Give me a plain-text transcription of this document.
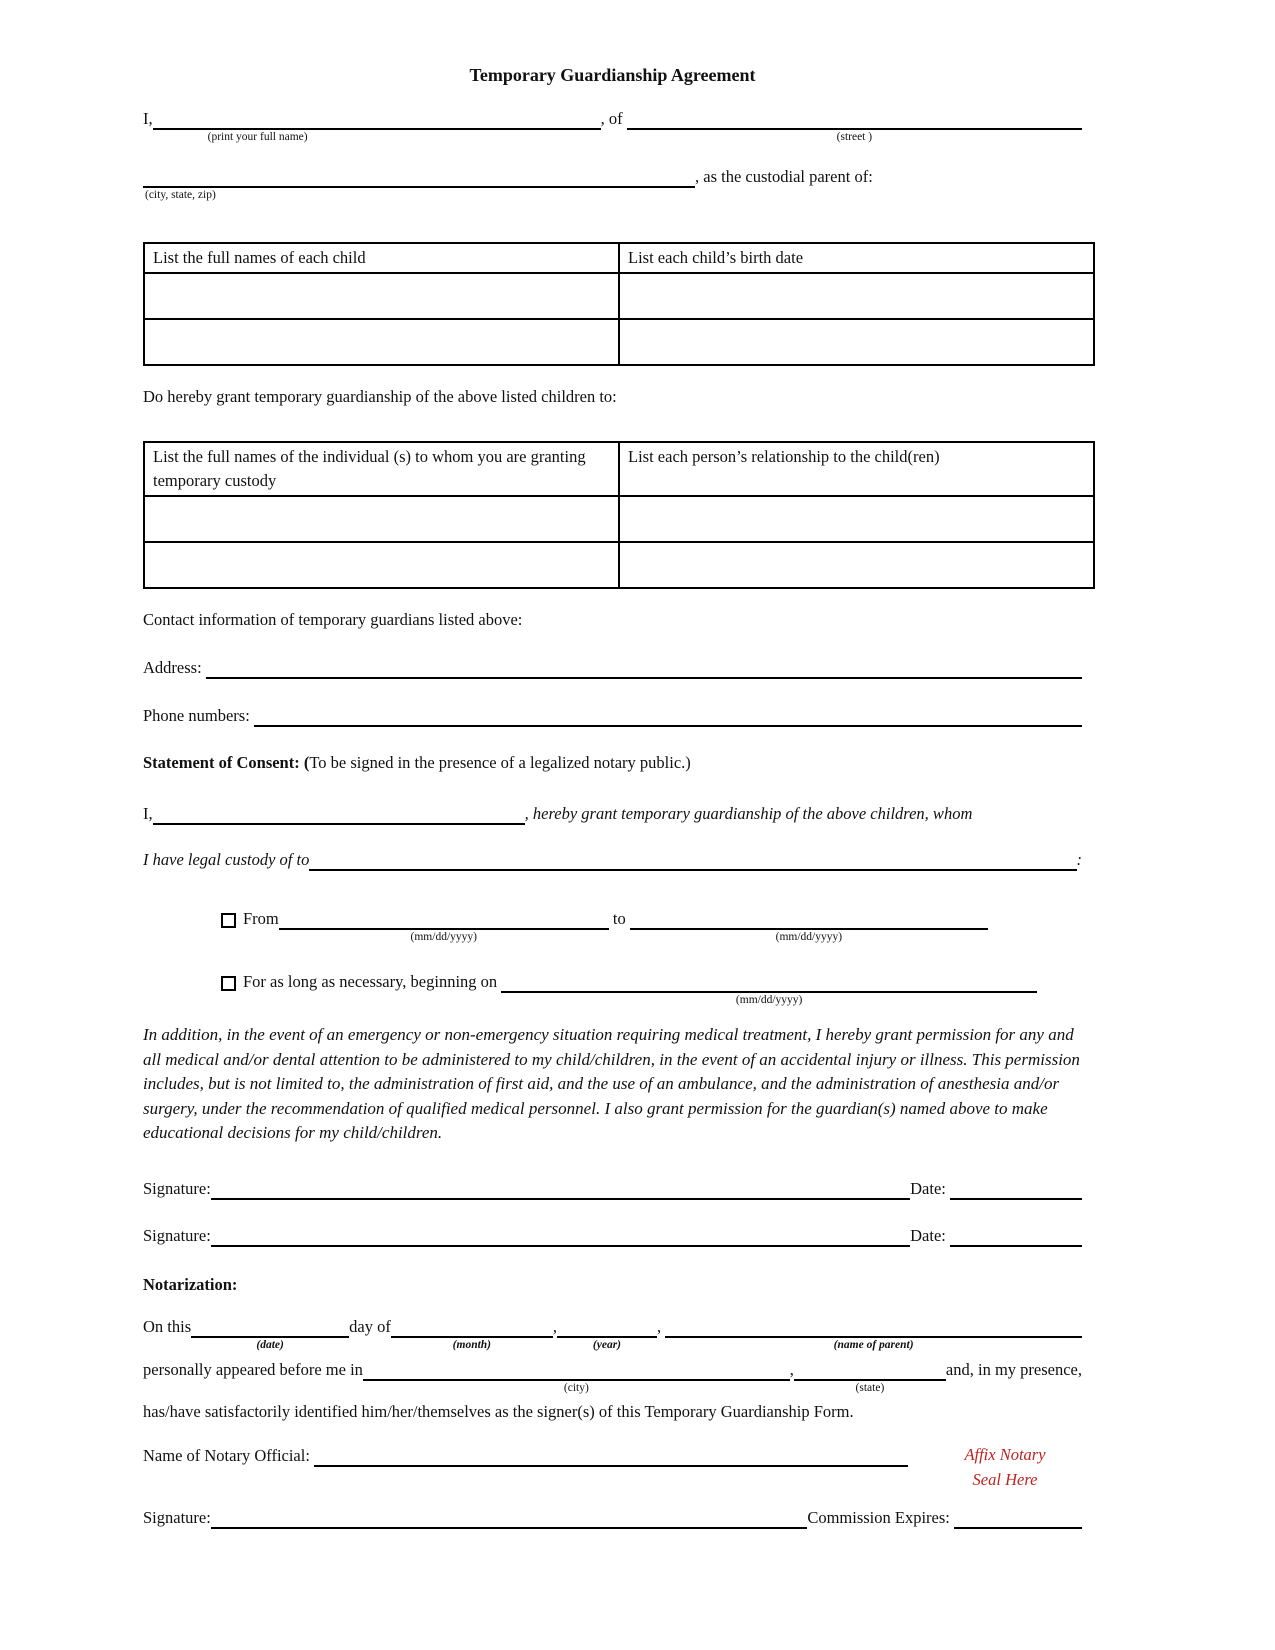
Temporary Guardianship Agreement
I,
(print your full name)
, of
(street )
(city, state, zip)
, as the custodial parent of:
List the full names of each child	List each child’s birth date

Do hereby grant temporary guardianship of the above listed children to:
List the full names of the individual (s) to whom you are granting temporary custody	List each person’s relationship to the child(ren)

Contact information of temporary guardians listed above:
Address:
Phone numbers:
Statement of Consent: ( To be signed in the presence of a legalized notary public.)
I,	, hereby grant temporary guardianship of the above children, whom
I have legal custody of to	:
From
(mm/dd/yyyy)
to
(mm/dd/yyyy)
For as long as necessary, beginning on
(mm/dd/yyyy)
In addition, in the event of an emergency or non-emergency situation requiring medical treatment, I hereby grant permission for any and all medical and/or dental attention to be administered to my child/children, in the event of an accidental injury or illness. This permission includes, but is not limited to, the administration of first aid, and the use of an ambulance, and the administration of anesthesia and/or surgery, under the recommendation of qualified medical personnel. I also grant permission for the guardian(s) named above to make educational decisions for my child/children.
Signature:	Date:
Signature:	Date:
Notarization:
On this
(date)
day of
(month)
,
(year)
,
(name of parent)
personally appeared before me in
(city)
,
(state)
and, in my presence,
has/have satisfactorily identified him/her/themselves as the signer(s) of this Temporary Guardianship Form.
Name of Notary Official:
Signature:	Commission Expires:
Affix Notary
Seal Here
